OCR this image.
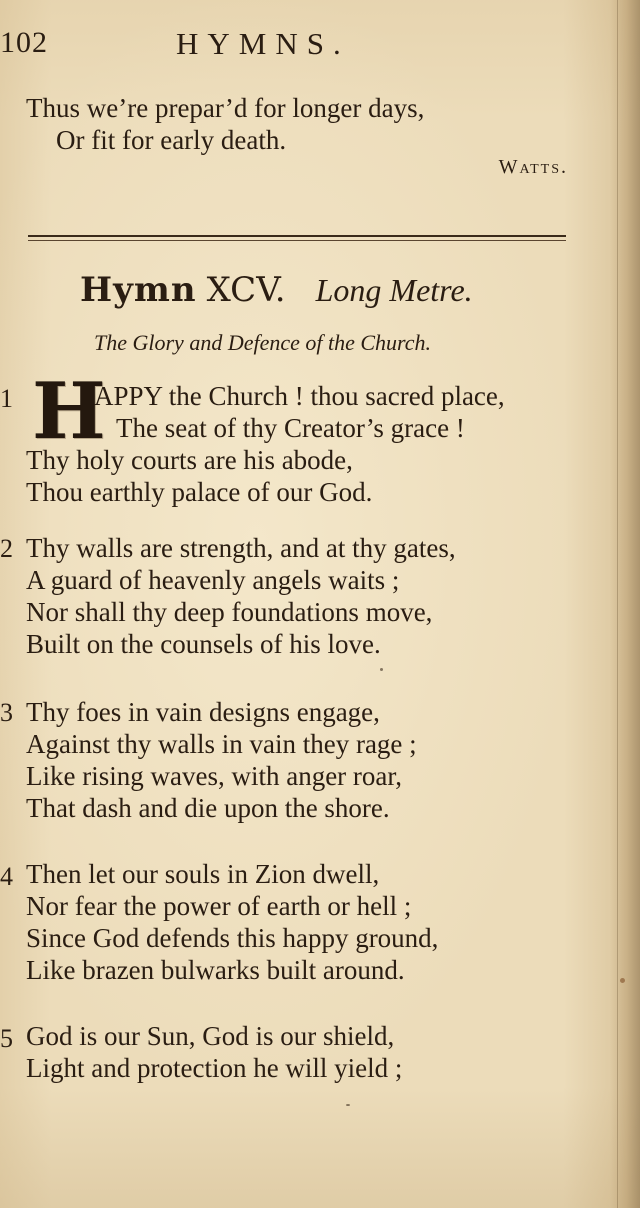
102	HYMNS.
Thus we’re prepar’d for longer days,
Or fit for early death.
Watts.
Hymn XCV. Long Metre.
The Glory and Defence of the Church.
1 H
APPY the Church ! thou sacred place,
The seat of thy Creator’s grace !
Thy holy courts are his abode,
Thou earthly palace of our God.
2 Thy walls are strength, and at thy gates,
A guard of heavenly angels waits ;
Nor shall thy deep foundations move,
Built on the counsels of his love.
3 Thy foes in vain designs engage,
Against thy walls in vain they rage ;
Like rising waves, with anger roar,
That dash and die upon the shore.
4 Then let our souls in Zion dwell,
Nor fear the power of earth or hell ;
Since God defends this happy ground,
Like brazen bulwarks built around.
5 God is our Sun, God is our shield,
Light and protection he will yield ;
